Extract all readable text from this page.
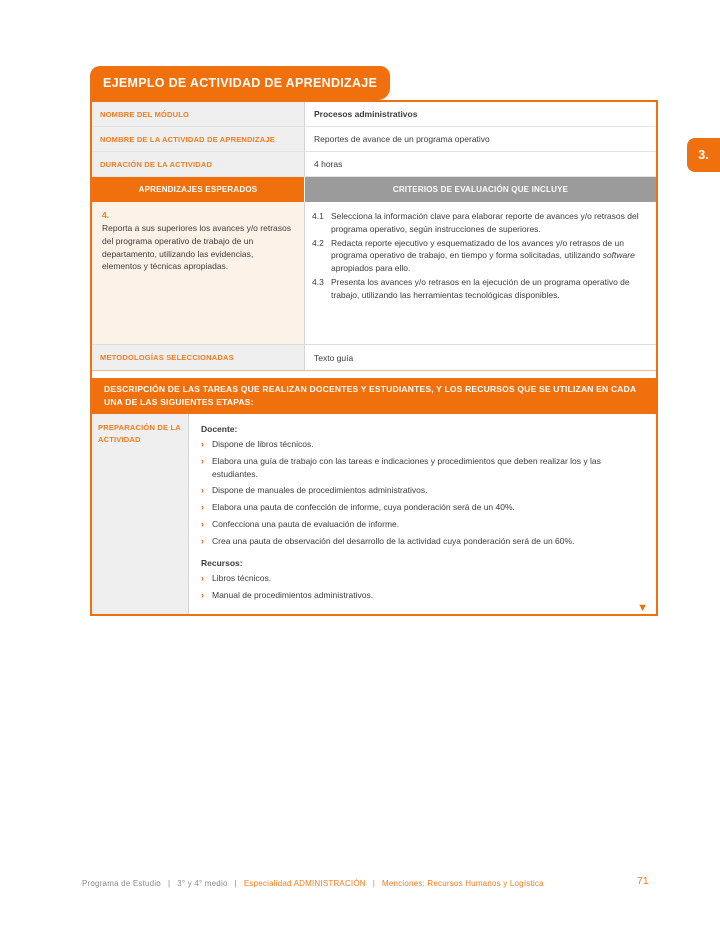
EJEMPLO DE ACTIVIDAD DE APRENDIZAJE
3.
NOMBRE DEL MÓDULO	Procesos administrativos
NOMBRE DE LA ACTIVIDAD DE APRENDIZAJE	Reportes de avance de un programa operativo
DURACIÓN DE LA ACTIVIDAD	4 horas
APRENDIZAJES ESPERADOS	CRITERIOS DE EVALUACIÓN QUE INCLUYE
4.
Reporta a sus superiores los avances y/o retrasos del programa operativo de trabajo de un departamento, utilizando las evidencias, elementos y técnicas apropiadas.
4.1 Selecciona la información clave para elaborar reporte de avances y/o retrasos del programa operativo, según instrucciones de superiores.
4.2 Redacta reporte ejecutivo y esquematizado de los avances y/o retrasos de un programa operativo de trabajo, en tiempo y forma solicitadas, utilizando software apropiados para ello.
4.3 Presenta los avances y/o retrasos en la ejecución de un programa operativo de trabajo, utilizando las herramientas tecnológicas disponibles.
METODOLOGÍAS SELECCIONADAS	Texto guía
DESCRIPCIÓN DE LAS TAREAS QUE REALIZAN DOCENTES Y ESTUDIANTES, Y LOS RECURSOS QUE SE UTILIZAN EN CADA UNA DE LAS SIGUIENTES ETAPAS:
PREPARACIÓN DE LA ACTIVIDAD
Docente:
› Dispone de libros técnicos.
› Elabora una guía de trabajo con las tareas e indicaciones y procedimientos que deben realizar los y las estudiantes.
› Dispone de manuales de procedimientos administrativos.
› Elabora una pauta de confección de informe, cuya ponderación será de un 40%.
› Confecciona una pauta de evaluación de informe.
› Crea una pauta de observación del desarrollo de la actividad cuya ponderación será de un 60%.
Recursos:
› Libros técnicos.
› Manual de procedimientos administrativos.
▼
Programa de Estudio | 3° y 4° medio | Especialidad ADMINISTRACIÓN | Menciones: Recursos Humanos y Logística	71
